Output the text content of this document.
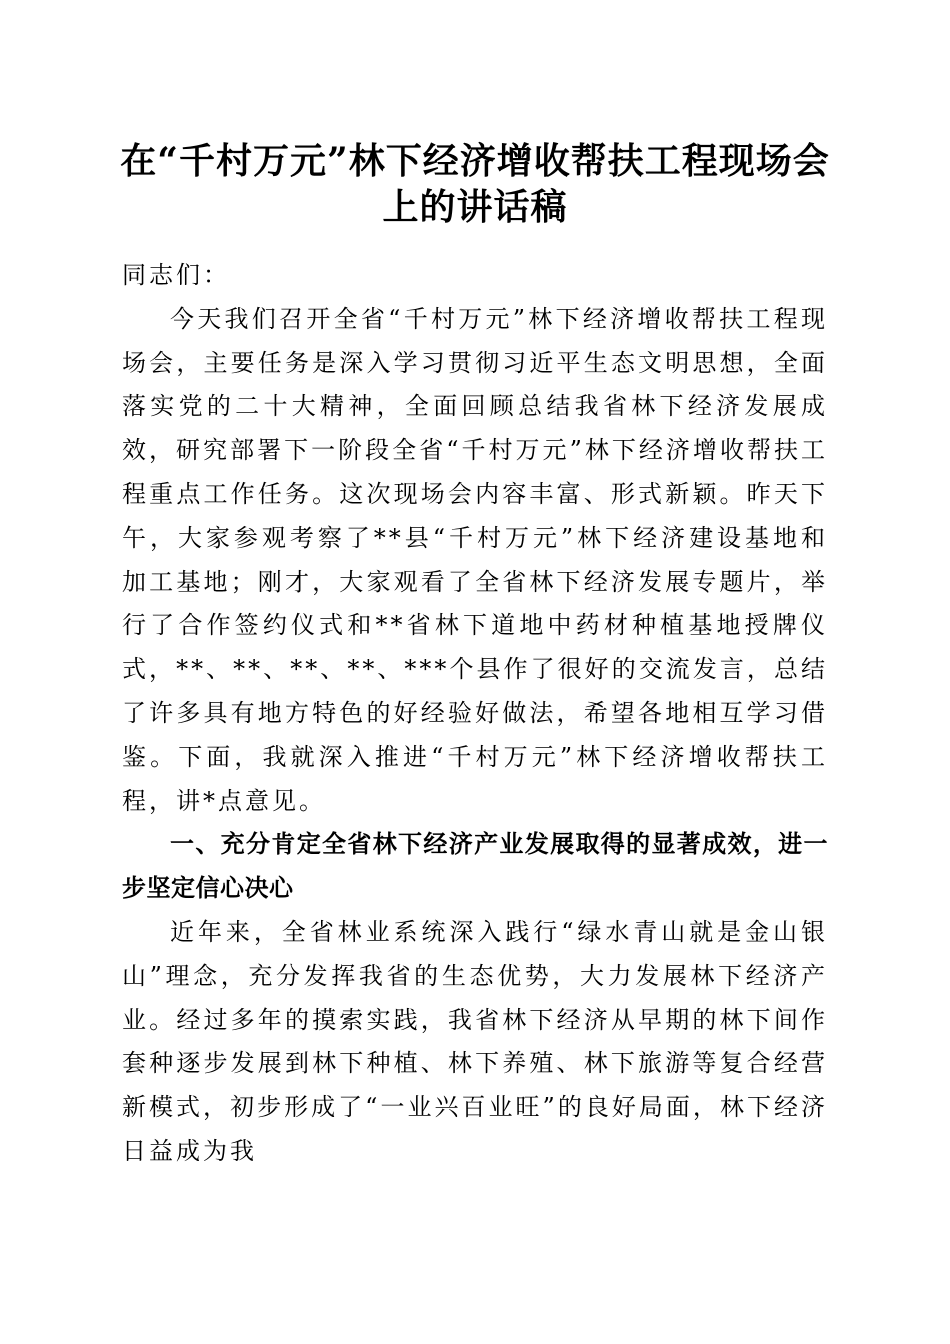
在“千村万元”林下经济增收帮扶工程现场会
上的讲话稿

同志们：

今天我们召开全省“千村万元”林下经济增收帮扶工程现场会，主要任务是深入学习贯彻习近平生态文明思想，全面落实党的二十大精神，全面回顾总结我省林下经济发展成效，研究部署下一阶段全省“千村万元”林下经济增收帮扶工程重点工作任务。这次现场会内容丰富、形式新颖。昨天下午，大家参观考察了**县“千村万元”林下经济建设基地和加工基地；刚才，大家观看了全省林下经济发展专题片，举行了合作签约仪式和**省林下道地中药材种植基地授牌仪式，**、**、**、**、***个县作了很好的交流发言，总结了许多具有地方特色的好经验好做法，希望各地相互学习借鉴。下面，我就深入推进“千村万元”林下经济增收帮扶工程，讲*点意见。

一、充分肯定全省林下经济产业发展取得的显著成效，进一步坚定信心决心

近年来，全省林业系统深入践行“绿水青山就是金山银山”理念，充分发挥我省的生态优势，大力发展林下经济产业。经过多年的摸索实践，我省林下经济从早期的林下间作套种逐步发展到林下种植、林下养殖、林下旅游等复合经营新模式，初步形成了“一业兴百业旺”的良好局面，林下经济日益成为我
